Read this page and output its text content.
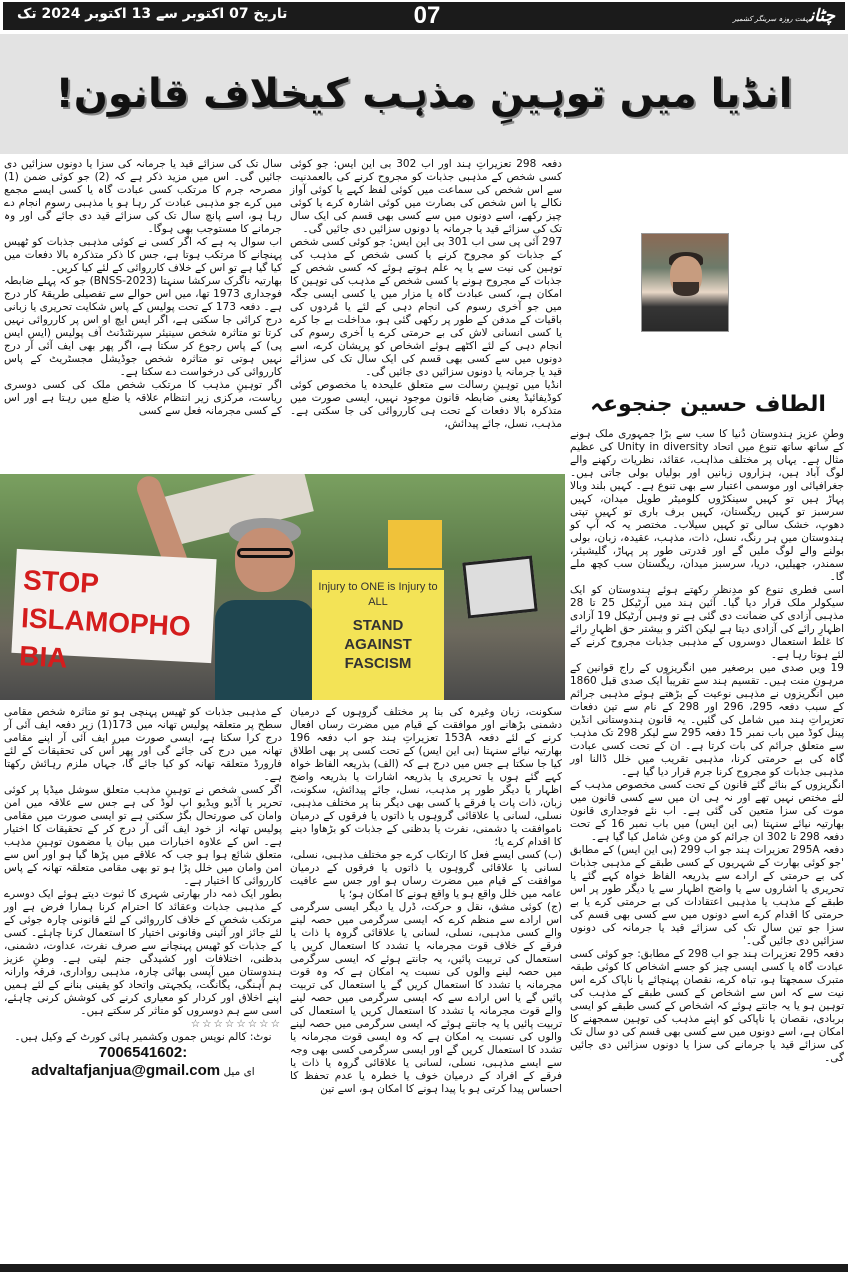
تاریخ 07 اکتوبر سے 13 اکتوبر 2024 تک	07	چٹانہفت روزہ سرینگر کشمیر
انڈیا میں توہینِ مذہب کیخلاف قانون!
الطاف حسین جنجوعہ

وطنِ عزیز ہندوستان دُنیا کا سب سے بڑا جمہوری ملک ہونے کے ساتھ ساتھ تنوع میں اتحاد Unity in diversity کی عظیم مثال ہے۔ یہاں پر مختلف مذاہب، عقائد، نظریات رکھنے والے لوگ آباد ہیں، ہزاروں زبانیں اور بولیاں بولی جاتی ہیں۔ جغرافیائی اور موسمی اعتبار سے بھی تنوع ہے۔ کہیں بلند وبالا پہاڑ ہیں تو کہیں سینکڑوں کلومیٹر طویل میدان، کہیں سرسبز تو کہیں ریگستان، کہیں برف باری تو کہیں تپتی دھوپ، خشک سالی تو کہیں سیلاب۔ مختصر یہ کہ آپ کو ہندوستان میں ہر رنگ، نسل، ذات، مذہب، عقیدہ، زبان، بولی بولنے والے لوگ ملیں گے اور قدرتی طور پر پہاڑ، گلیشیئر، سمندر، جھیلیں، دریا، سرسبز میدان، ریگستان سب کچھ ملے گا۔

اسی فطری تنوع کو مدِنظر رکھتے ہوئے ہندوستان کو ایک سیکولر ملک قرار دیا گیا۔ آئین ہند میں آرٹیکل 25 تا 28 مذہبی آزادی کی ضمانت دی گئی ہے تو وہیں آرٹیکل 19 آزادی اظہارِ رائے کی آزادی دیتا ہے لیکن اکثر و بیشتر حق اظہارِ رائے کا غلط استعمال دوسروں کے مذہبی جذبات مجروح کرنے کے لئے ہوتا رہا ہے۔

19 ویں صدی میں برصغیر میں انگریزوں کے راج قوانین کے مرہونِ منت ہیں۔ تقسیم ہند سے تقریباً ایک صدی قبل 1860 میں انگریزوں نے مذہبی نوعیت کے بڑھتے ہوئے مذہبی جرائم کے سبب دفعہ 295، 296 اور 298 کے نام سے تین دفعات تعزیراتِ ہند میں شامل کی گئیں۔ یہ قانون ہندوستانی انڈین پینل کوڈ میں باب نمبر 15 دفعہ 295 سے لیکر 298 تک مذہب سے متعلق جرائم کی بات کرتا ہے۔ ان کے تحت کسی عبادت گاہ کی بے حرمتی کرنا، مذہبی تقریب میں خلل ڈالنا اور مذہبی جذبات کو مجروح کرنا جرم قرار دیا گیا ہے۔

انگریزوں کے بنائے گئے قانون کے تحت کسی مخصوص مذہب کے لئے مختص نہیں تھے اور نہ ہی ان میں سے کسی قانون میں موت کی سزا متعین کی گئی ہے۔ اب نئے فوجداری قانون بھارتیہ نیائے سنہتا (بی این ایس) میں باب نمبر 16 کے تحت دفعہ 298 تا 302 ان جرائم کو من وعن شامل کیا گیا ہے۔

دفعہ 295A تعزیرات ہند جو اب 299 (بی این ایس) کے مطابق 'جو کوئی بھارت کے شہریوں کے کسی طبقے کے مذہبی جذبات کی بے حرمتی کے ارادے سے بذریعہ الفاظ خواہ کہے گئے یا تحریری یا اشاروں سے یا واضح اظہار سے یا دیگر طور پر اس طبقے کے مذہب یا مذہبی اعتقادات کی بے حرمتی کرے یا بے حرمتی کا اقدام کرے اسے دونوں میں سے کسی بھی قسم کی سزا جو تین سال تک کی سزائے قید یا جرمانہ کی دونوں سزائیں دی جائیں گی۔'

دفعہ 295 تعزیرات ہند جو اب 298 کے مطابق: جو کوئی کسی عبادت گاہ یا کسی ایسی چیز کو جسے اشخاص کا کوئی طبقہ متبرک سمجھتا ہو، تباہ کرے، نقصان پہنچائے یا ناپاک کرے اس نیت سے کہ اس سے اشخاص کے کسی طبقے کے مذہب کی توہین ہو یا یہ جانتے ہوئے کہ اشخاص کے کسی طبقے کو ایسی بربادی، نقصان یا ناپاکی کو اپنے مذہب کی توہین سمجھنے کا امکان ہے، اسے دونوں میں سے کسی بھی قسم کی دو سال تک کی سزائے قید یا جرمانے کی سزا یا دونوں سزائیں دی جائیں گی۔

دفعہ 298 تعزیراتِ ہند اور اب 302 بی این ایس: جو کوئی کسی شخص کے مذہبی جذبات کو مجروح کرنے کی بالعمدنیت سے اس شخص کی سماعت میں کوئی لفظ کہے یا کوئی آواز نکالے یا اس شخص کی بصارت میں کوئی اشارہ کرے یا کوئی چیز رکھے، اسے دونوں میں سے کسی بھی قسم کی ایک سال تک کی سزائے قید یا جرمانہ یا دونوں سزائیں دی جائیں گی۔

297 آئی پی سی اب 301 بی این ایس: جو کوئی کسی شخص کے جذبات کو مجروح کرنے یا کسی شخص کے مذہب کی توہین کی نیت سے یا یہ علم ہوتے ہوئے کہ کسی شخص کے جذبات کے مجروح ہونے یا کسی شخص کے مذہب کی توہین کا امکان ہے، کسی عبادت گاہ یا مزار میں یا کسی ایسی جگہ میں جو آخری رسوم کی انجام دہی کے لئے یا مُردوں کی باقیات کے مدفن کے طور پر رکھی گئی ہو، مداخلت بے جا کرے یا کسی انسانی لاش کی بے حرمتی کرے یا آخری رسوم کی انجام دہی کے لئے اکٹھے ہوئے اشخاص کو پریشان کرے، اسے دونوں میں سے کسی بھی قسم کی ایک سال تک کی سزائے قید یا جرمانہ یا دونوں سزائیں دی جائیں گی۔

انڈیا میں توہینِ رسالت سے متعلق علیحدہ یا مخصوص کوئی کوڈیفائیڈ یعنی ضابطہ قانون موجود نہیں، ایسی صورت میں متذکرہ بالا دفعات کے تحت ہی کارروائی کی جا سکتی ہے۔ مذہب، نسل، جائے پیدائش،

سال تک کی سزائے قید یا جرمانہ کی سزا یا دونوں سزائیں دی جائیں گی۔ اس میں مزید ذکر ہے کہ (2) جو کوئی ضمن (1) مصرحہ جرم کا مرتکب کسی عبادت گاہ یا کسی ایسے مجمع میں کرے جو مذہبی عبادت کر رہا ہو یا مذہبی رسوم انجام دے رہا ہو، اسے پانچ سال تک کی سزائے قید دی جائے گی اور وہ جرمانے کا مستوجب بھی ہوگا۔

اب سوال یہ ہے کہ اگر کسی نے کوئی مذہبی جذبات کو ٹھیس پہنچانے کا مرتکب ہوتا ہے، جس کا ذکر متذکرہ بالا دفعات میں کیا گیا ہے تو اس کے خلاف کارروائی کے لئے کیا کریں۔

بھارتیہ ناگرک سرکشا سنہتا (BNSS-2023) جو کہ پہلے ضابطہ فوجداری 1973 تھا، میں اس حوالے سے تفصیلی طریقۂ کار درج ہے۔ دفعہ 173 کے تحت پولیس کے پاس شکایت تحریری یا زبانی درج کرائی جا سکتی ہے، اگر ایس ایچ او اس پر کارروائی نہیں کرتا تو متاثرہ شخص سینیئر سپرنٹنڈنٹ آف پولیس (ایس ایس پی) کے پاس رجوع کر سکتا ہے، اگر پھر بھی ایف آئی آر درج نہیں ہوتی تو متاثرہ شخص جوڈیشل مجسٹریٹ کے پاس کارروائی کی درخواست دے سکتا ہے۔

اگر توہینِ مذہب کا مرتکب شخص ملک کی کسی دوسری ریاست، مرکزی زیر انتظام علاقہ یا ضلع میں رہتا ہے اور اس کے کسی مجرمانہ فعل سے کسی

STOP ISLAMOPHOBIA
Injury to ONE is Injury to ALL
STAND AGAINST FASCISM

سکونت، زبان وغیرہ کی بنا پر مختلف گروہوں کے درمیان دشمنی بڑھانے اور موافقت کے قیام میں مضرت رساں افعال کرنے کے لئے دفعہ 153A تعزیراتِ ہند جو اب دفعہ 196 بھارتیہ نیائے سنہتا (بی این ایس) کے تحت کسی پر بھی اطلاق کیا جا سکتا ہے جس میں درج ہے کہ (الف) بذریعہ الفاظ خواہ کہے گئے ہوں یا تحریری یا بذریعہ اشارات یا بذریعہ واضح اظہار یا دیگر طور پر مذہب، نسل، جائے پیدائش، سکونت، زبان، ذات پات یا فرقے یا کسی بھی دیگر بنا پر مختلف مذہبی، نسلی، لسانی یا علاقائی گروہوں یا ذاتوں یا فرقوں کے درمیان ناموافقت یا دشمنی، نفرت یا بدظنی کے جذبات کو بڑھاوا دینے کا اقدام کرے یا؛

(ب) کسی ایسے فعل کا ارتکاب کرے جو مختلف مذہبی، نسلی، لسانی یا علاقائی گروہوں یا ذاتوں یا فرقوں کے درمیان موافقت کے قیام میں مضرت رساں ہو اور جس سے عافیت عامہ میں خلل واقع ہو یا واقع ہونے کا امکان ہو؛ یا

(ج) کوئی مشق، نقل و حرکت، ڈرل یا دیگر ایسی سرگرمی اس ارادے سے منظم کرے کہ ایسی سرگرمی میں حصہ لینے والے کسی مذہبی، نسلی، لسانی یا علاقائی گروہ یا ذات یا فرقے کے خلاف قوت مجرمانہ یا تشدد کا استعمال کریں یا استعمال کی تربیت پائیں، یہ جانتے ہوئے کہ ایسی سرگرمی میں حصہ لینے والوں کی نسبت یہ امکان ہے کہ وہ قوت مجرمانہ یا تشدد کا استعمال کریں گے یا استعمال کی تربیت پائیں گے یا اس ارادے سے کہ ایسی سرگرمی میں حصہ لینے والے قوت مجرمانہ یا تشدد کا استعمال کریں یا استعمال کی تربیت پائیں یا یہ جانتے ہوئے کہ ایسی سرگرمی میں حصہ لینے والوں کی نسبت یہ امکان ہے کہ وہ ایسی قوت مجرمانہ یا تشدد کا استعمال کریں گے اور ایسی سرگرمی کسی بھی وجہ سے ایسے مذہبی، نسلی، لسانی یا علاقائی گروہ یا ذات یا فرقے کے افراد کے درمیان خوف یا خطرہ یا عدم تحفظ کا احساس پیدا کرتی ہو یا پیدا ہونے کا امکان ہو، اسے تین

کے مذہبی جذبات کو ٹھیس پہنچی ہو تو متاثرہ شخص مقامی سطح پر متعلقہ پولیس تھانہ میں 173(1) زیر دفعہ ایف آئی آر درج کرا سکتا ہے، ایسی صورت میں ایف آئی آر اپنے مقامی تھانہ میں درج کی جائے گی اور پھر اُس کی تحقیقات کے لئے فارورڈ متعلقہ تھانہ کو کیا جائے گا، جہاں ملزم رہائش رکھتا ہے۔

اگر کسی شخص نے توہینِ مذہب متعلق سوشل میڈیا پر کوئی تحریر یا آڈیو ویڈیو اپ لوڈ کی ہے جس سے علاقہ میں امن وامان کی صورتحال بگڑ سکتی ہے تو ایسی صورت میں مقامی پولیس تھانہ از خود ایف آئی آر درج کر کے تحقیقات کا اختیار ہے۔ اس کے علاوہ اخبارات میں بیان یا مضمون توہینِ مذہب متعلق شائع ہوا ہو جب کہ علاقے میں پڑھا گیا ہو اور اس سے امن وامان میں خلل پڑا ہو تو بھی مقامی متعلقہ تھانہ کے پاس کارروائی کا اختیار ہے۔

بطور ایک ذمہ دار بھارتی شہری کا ثبوت دیتے ہوئے ایک دوسرے کے مذہبی جذبات وعقائد کا احترام کرنا ہمارا فرض ہے اور مرتکب شخص کے خلاف کارروائی کے لئے قانونی چارہ جوئی کے لئے جائز اور آئینی وقانونی اختیار کا استعمال کرنا چاہئے۔ کسی کے جذبات کو ٹھیس پہنچانے سے صرف نفرت، عداوت، دشمنی، بدظنی، اختلافات اور کشیدگی جنم لیتی ہے۔ وطنِ عزیز ہندوستان میں آپسی بھائی چارہ، مذہبی رواداری، فرقہ وارانہ ہم آہنگی، یگانگت، یکجہتی واتحاد کو یقینی بنانے کے لئے ہمیں اپنے اخلاق اور کردار کو معیاری کرنے کی کوشش کرنی چاہئے، اسی سے ہم دوسروں کو متاثر کر سکتے ہیں۔

☆☆☆☆☆☆☆☆

نوٹ: کالم نویس جموں وکشمیر ہائی کورٹ کے وکیل ہیں۔

:7006541602

ای میل advaltafjanjua@gmail.com
